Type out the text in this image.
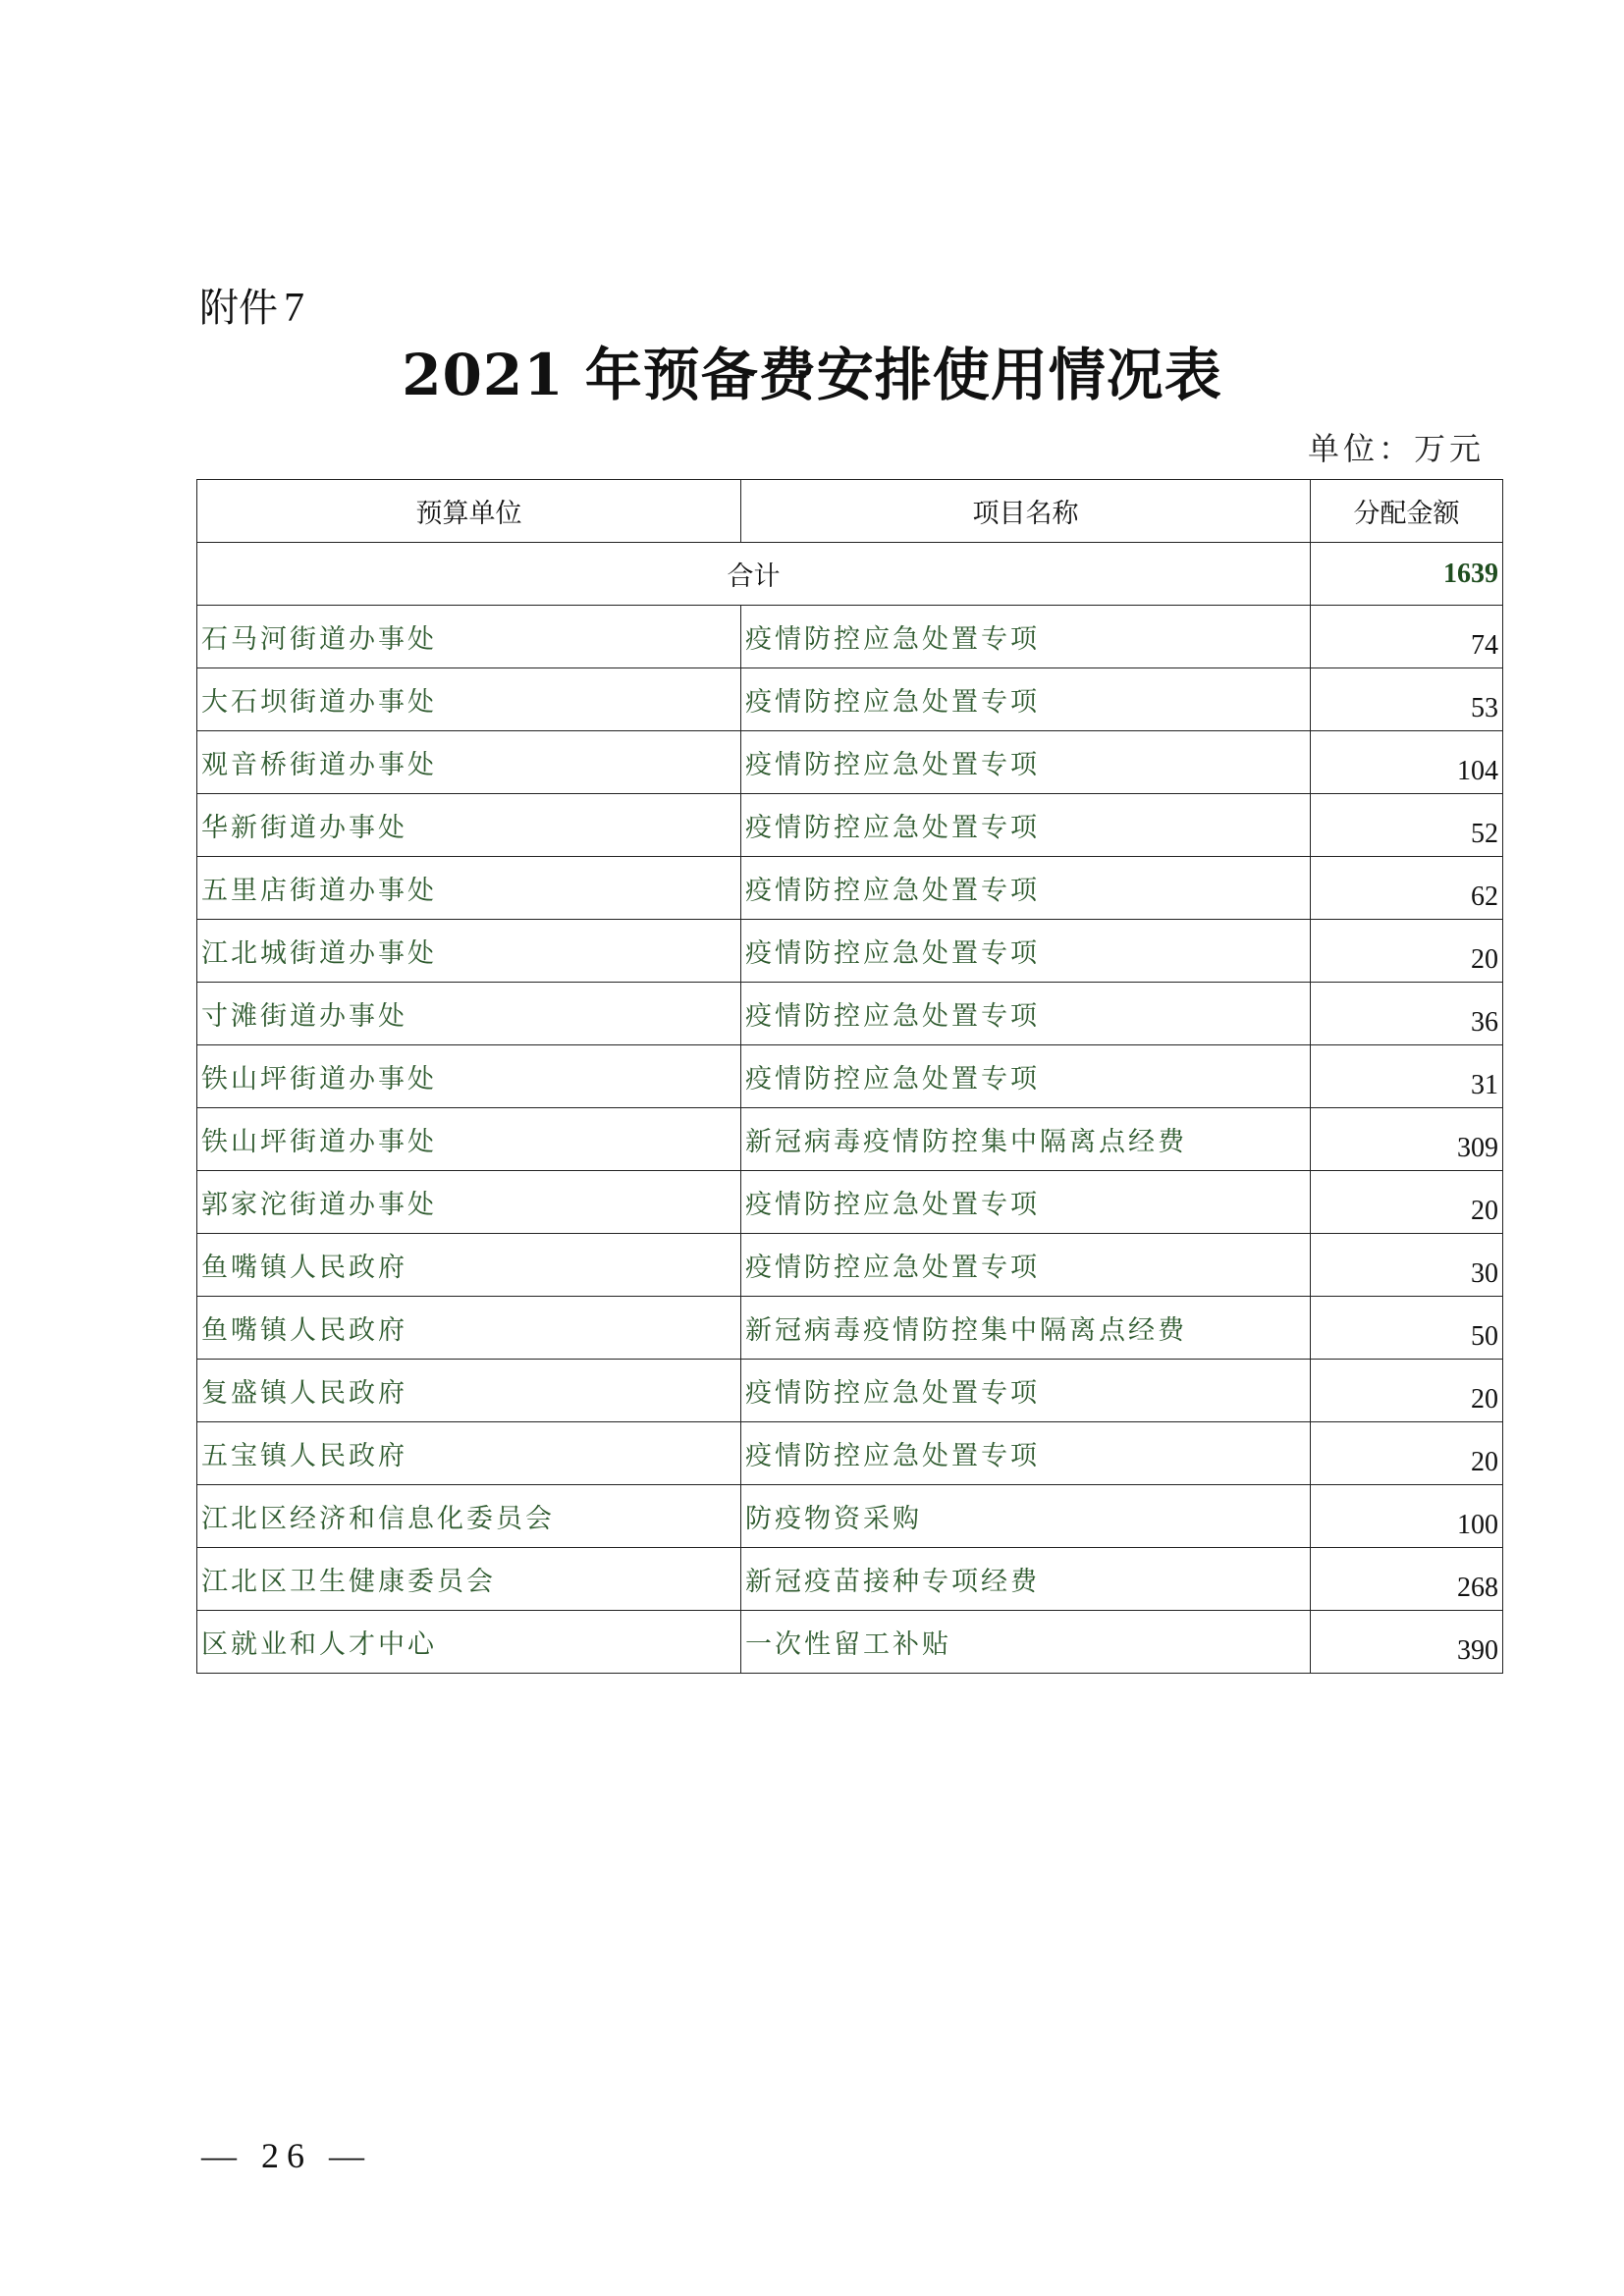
附件 7
2021 年预备费安排使用情况表
单位：万元
预算单位	项目名称	分配金额
合计		1639
石马河街道办事处	疫情防控应急处置专项	74
大石坝街道办事处	疫情防控应急处置专项	53
观音桥街道办事处	疫情防控应急处置专项	104
华新街道办事处	疫情防控应急处置专项	52
五里店街道办事处	疫情防控应急处置专项	62
江北城街道办事处	疫情防控应急处置专项	20
寸滩街道办事处	疫情防控应急处置专项	36
铁山坪街道办事处	疫情防控应急处置专项	31
铁山坪街道办事处	新冠病毒疫情防控集中隔离点经费	309
郭家沱街道办事处	疫情防控应急处置专项	20
鱼嘴镇人民政府	疫情防控应急处置专项	30
鱼嘴镇人民政府	新冠病毒疫情防控集中隔离点经费	50
复盛镇人民政府	疫情防控应急处置专项	20
五宝镇人民政府	疫情防控应急处置专项	20
江北区经济和信息化委员会	防疫物资采购	100
江北区卫生健康委员会	新冠疫苗接种专项经费	268
区就业和人才中心	一次性留工补贴	390
— 26 —
